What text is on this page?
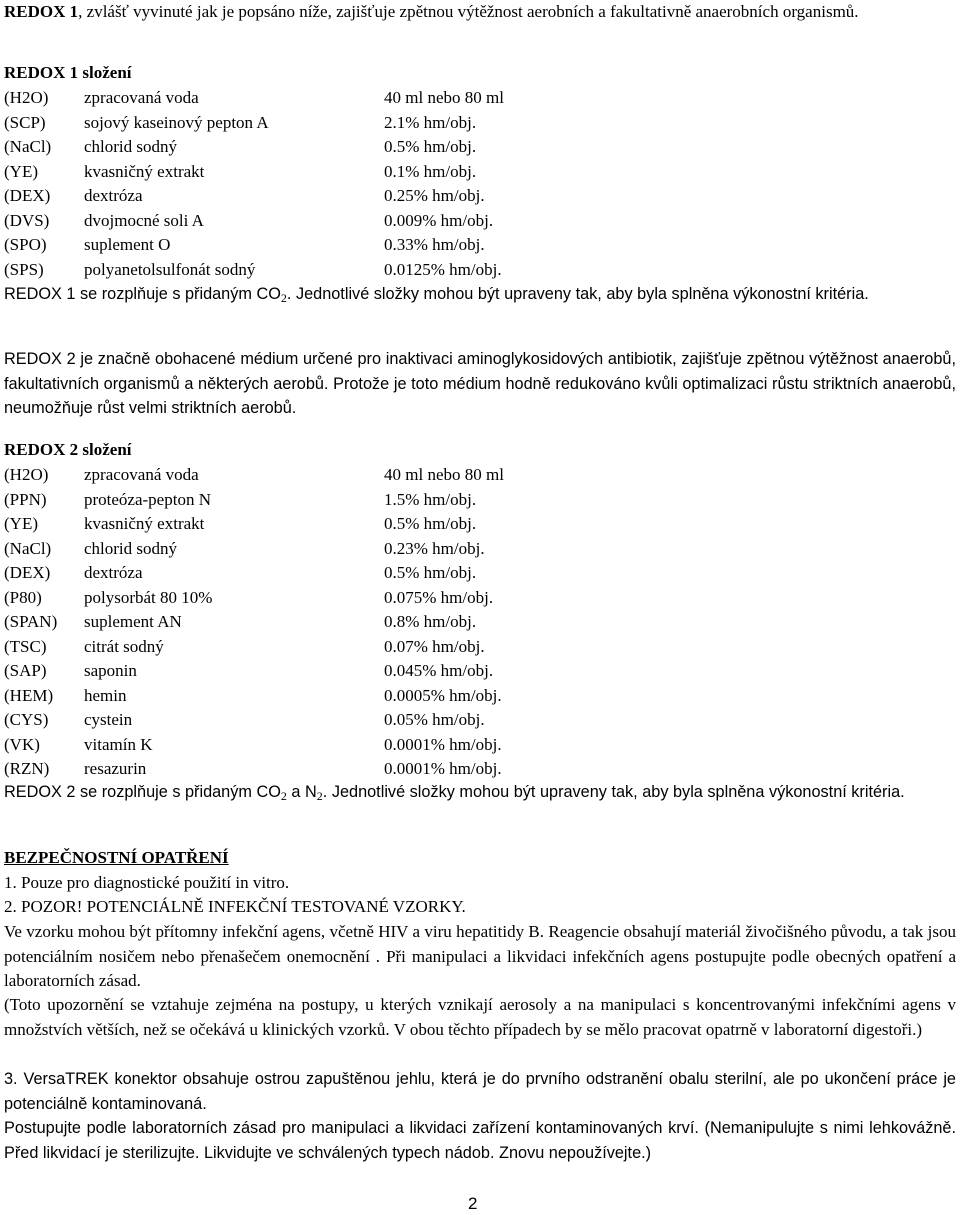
REDOX 1, zvlášť vyvinuté jak je popsáno níže, zajišťuje zpětnou výtěžnost aerobních a fakultativně anaerobních organismů.

REDOX 1 složení
(H2O) zpracovaná voda	40 ml nebo 80 ml
(SCP) sojový kaseinový pepton A	2.1% hm/obj.
(NaCl) chlorid sodný	0.5% hm/obj.
(YE)	kvasničný extrakt	0.1% hm/obj.
(DEX) dextróza	0.25% hm/obj.
(DVS) dvojmocné soli A	0.009% hm/obj.
(SPO) suplement O	0.33% hm/obj.
(SPS) polyanetolsulfonát sodný	0.0125% hm/obj.

REDOX 1 se rozplňuje s přidaným $CO_2$. Jednotlivé složky mohou být upraveny tak, aby byla splněna výkonostní kritéria.

REDOX 2 je značně obohacené médium určené pro inaktivaci aminoglykosidových antibiotik, zajišťuje zpětnou výtěžnost anaerobů, fakultativních organismů a některých aerobů. Protože je toto médium hodně redukováno kvůli optimalizaci růstu striktních anaerobů, neumožňuje růst velmi striktních aerobů.

REDOX 2 složení
(H2O) zpracovaná voda	40 ml nebo 80 ml
(PPN) proteóza-pepton N	1.5% hm/obj.
(YE)	kvasničný extrakt	0.5% hm/obj.
(NaCl) chlorid sodný	0.23% hm/obj.
(DEX) dextróza	0.5% hm/obj.
(P80) polysorbát 80 10%	0.075% hm/obj.
(SPAN) suplement AN	0.8% hm/obj.
(TSC) citrát sodný	0.07% hm/obj.
(SAP) saponin	0.045% hm/obj.
(HEM) hemin	0.0005% hm/obj.
(CYS) cystein	0.05% hm/obj.
(VK)	vitamín K	0.0001% hm/obj.
(RZN) resazurin	0.0001% hm/obj.

REDOX 2 se rozplňuje s přidaným $CO_2$ a $N_2$. Jednotlivé složky mohou být upraveny tak, aby byla splněna výkonostní kritéria.

BEZPEČNOSTNÍ OPATŘENÍ
1. Pouze pro diagnostické použití in vitro.
2. POZOR! POTENCIÁLNĚ INFEKČNÍ TESTOVANÉ VZORKY.

Ve vzorku mohou být přítomny infekční agens, včetně HIV a viru hepatitidy B. Reagencie obsahují materiál živočišného původu, a tak jsou potenciálním nosičem nebo přenašečem onemocnění . Při manipulaci a likvidaci infekčních agens postupujte podle obecných opatření a laboratorních zásad.

(Toto upozornění se vztahuje zejména na postupy, u kterých vznikají aerosoly a na manipulaci s koncentrovanými infekčními agens v množstvích větších, než se očekává u klinických vzorků. V obou těchto případech by se mělo pracovat opatrně v laboratorní digestoři.)

3. VersaTREK konektor obsahuje ostrou zapuštěnou jehlu, která je do prvního odstranění obalu sterilní, ale po ukončení práce je potenciálně kontaminovaná.

Postupujte podle laboratorních zásad pro manipulaci a likvidaci zařízení kontaminovaných krví. (Nemanipulujte s nimi lehkovážně. Před likvidací je sterilizujte. Likvidujte ve schválených typech nádob. Znovu nepoužívejte.)

2
